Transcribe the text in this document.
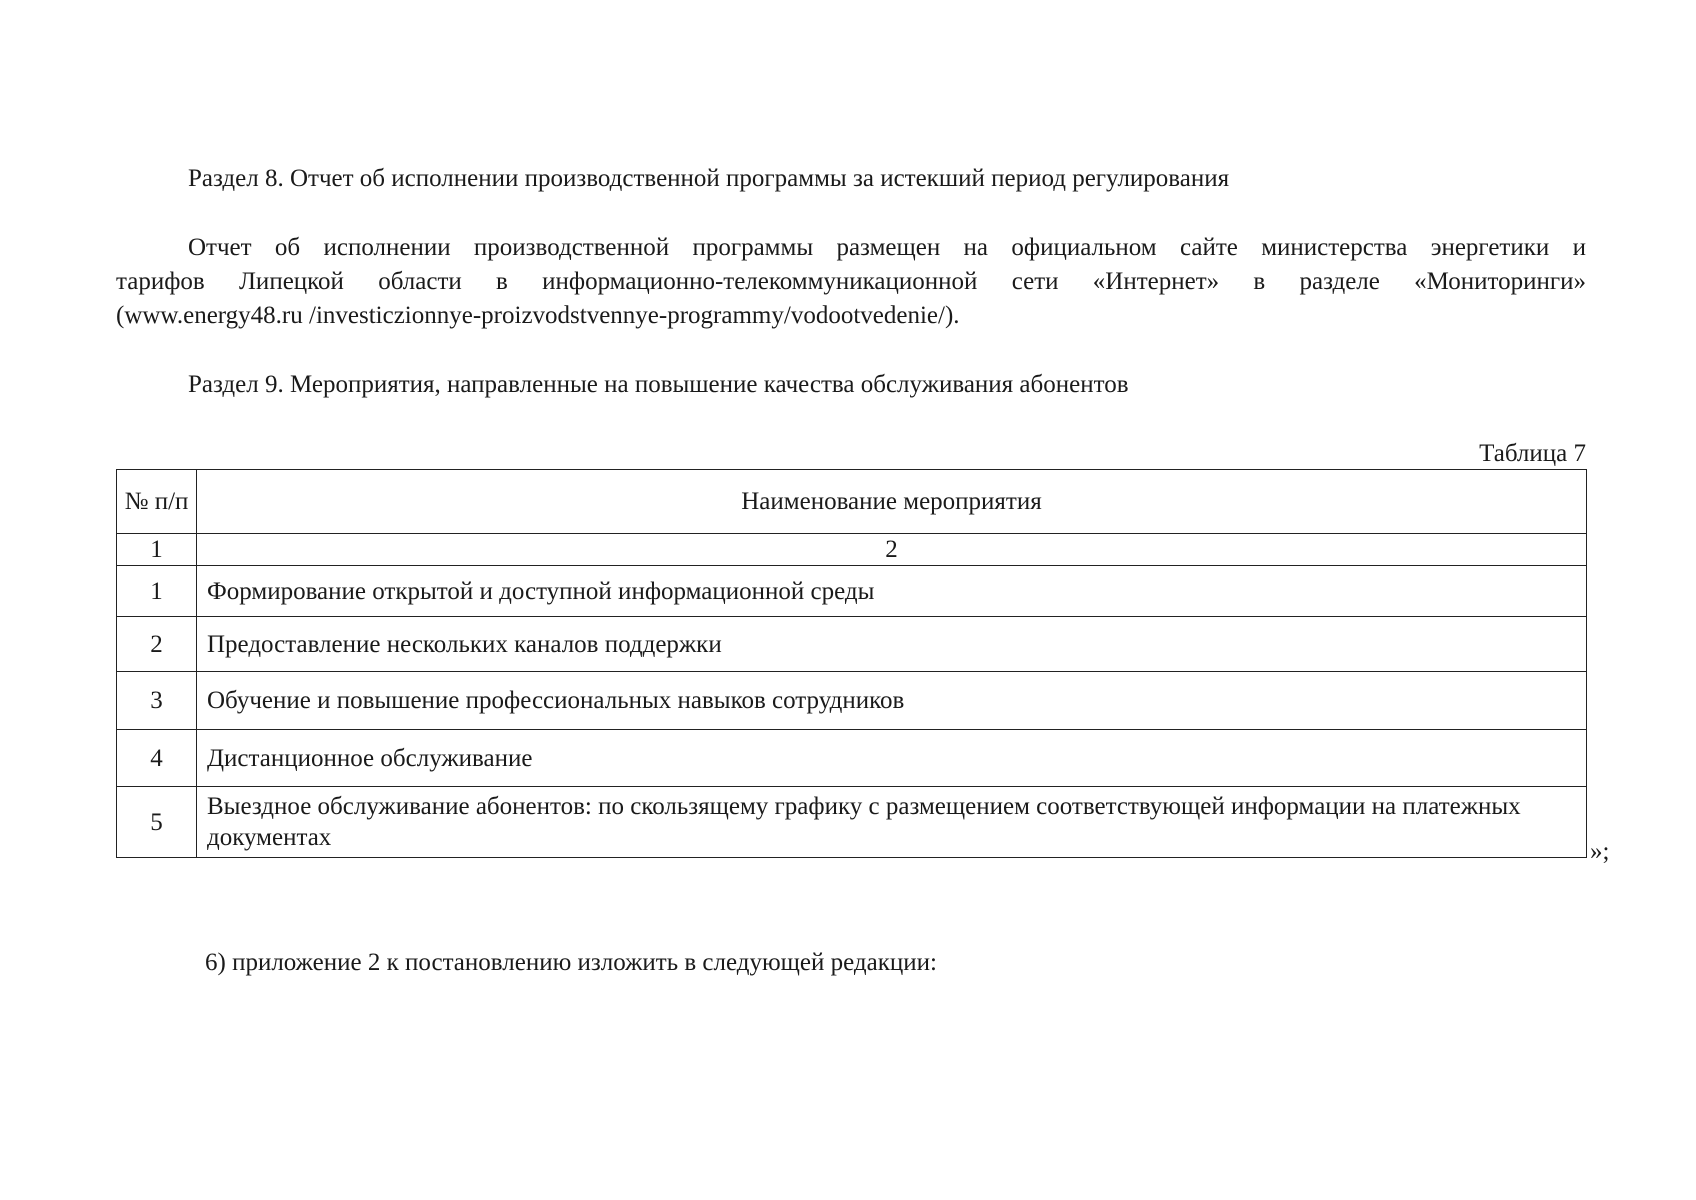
Раздел 8. Отчет об исполнении производственной программы за истекший период регулирования
Отчет об исполнении производственной программы размещен на официальном сайте министерства энергетики и
тарифов Липецкой области в информационно-телекоммуникационной сети «Интернет» в разделе «Мониторинги»
(www.energy48.ru /investiczionnye-proizvodstvennye-programmy/vodootvedenie/).
Раздел 9. Мероприятия, направленные на повышение качества обслуживания абонентов
Таблица 7
№ п/п	Наименование мероприятия
1	2
1	Формирование открытой и доступной информационной среды
2	Предоставление нескольких каналов поддержки
3	Обучение и повышение профессиональных навыков сотрудников
4	Дистанционное обслуживание
5	Выездное обслуживание абонентов: по скользящему графику с размещением соответствующей информации на платежных документах
»;
6) приложение 2 к постановлению изложить в следующей редакции:
